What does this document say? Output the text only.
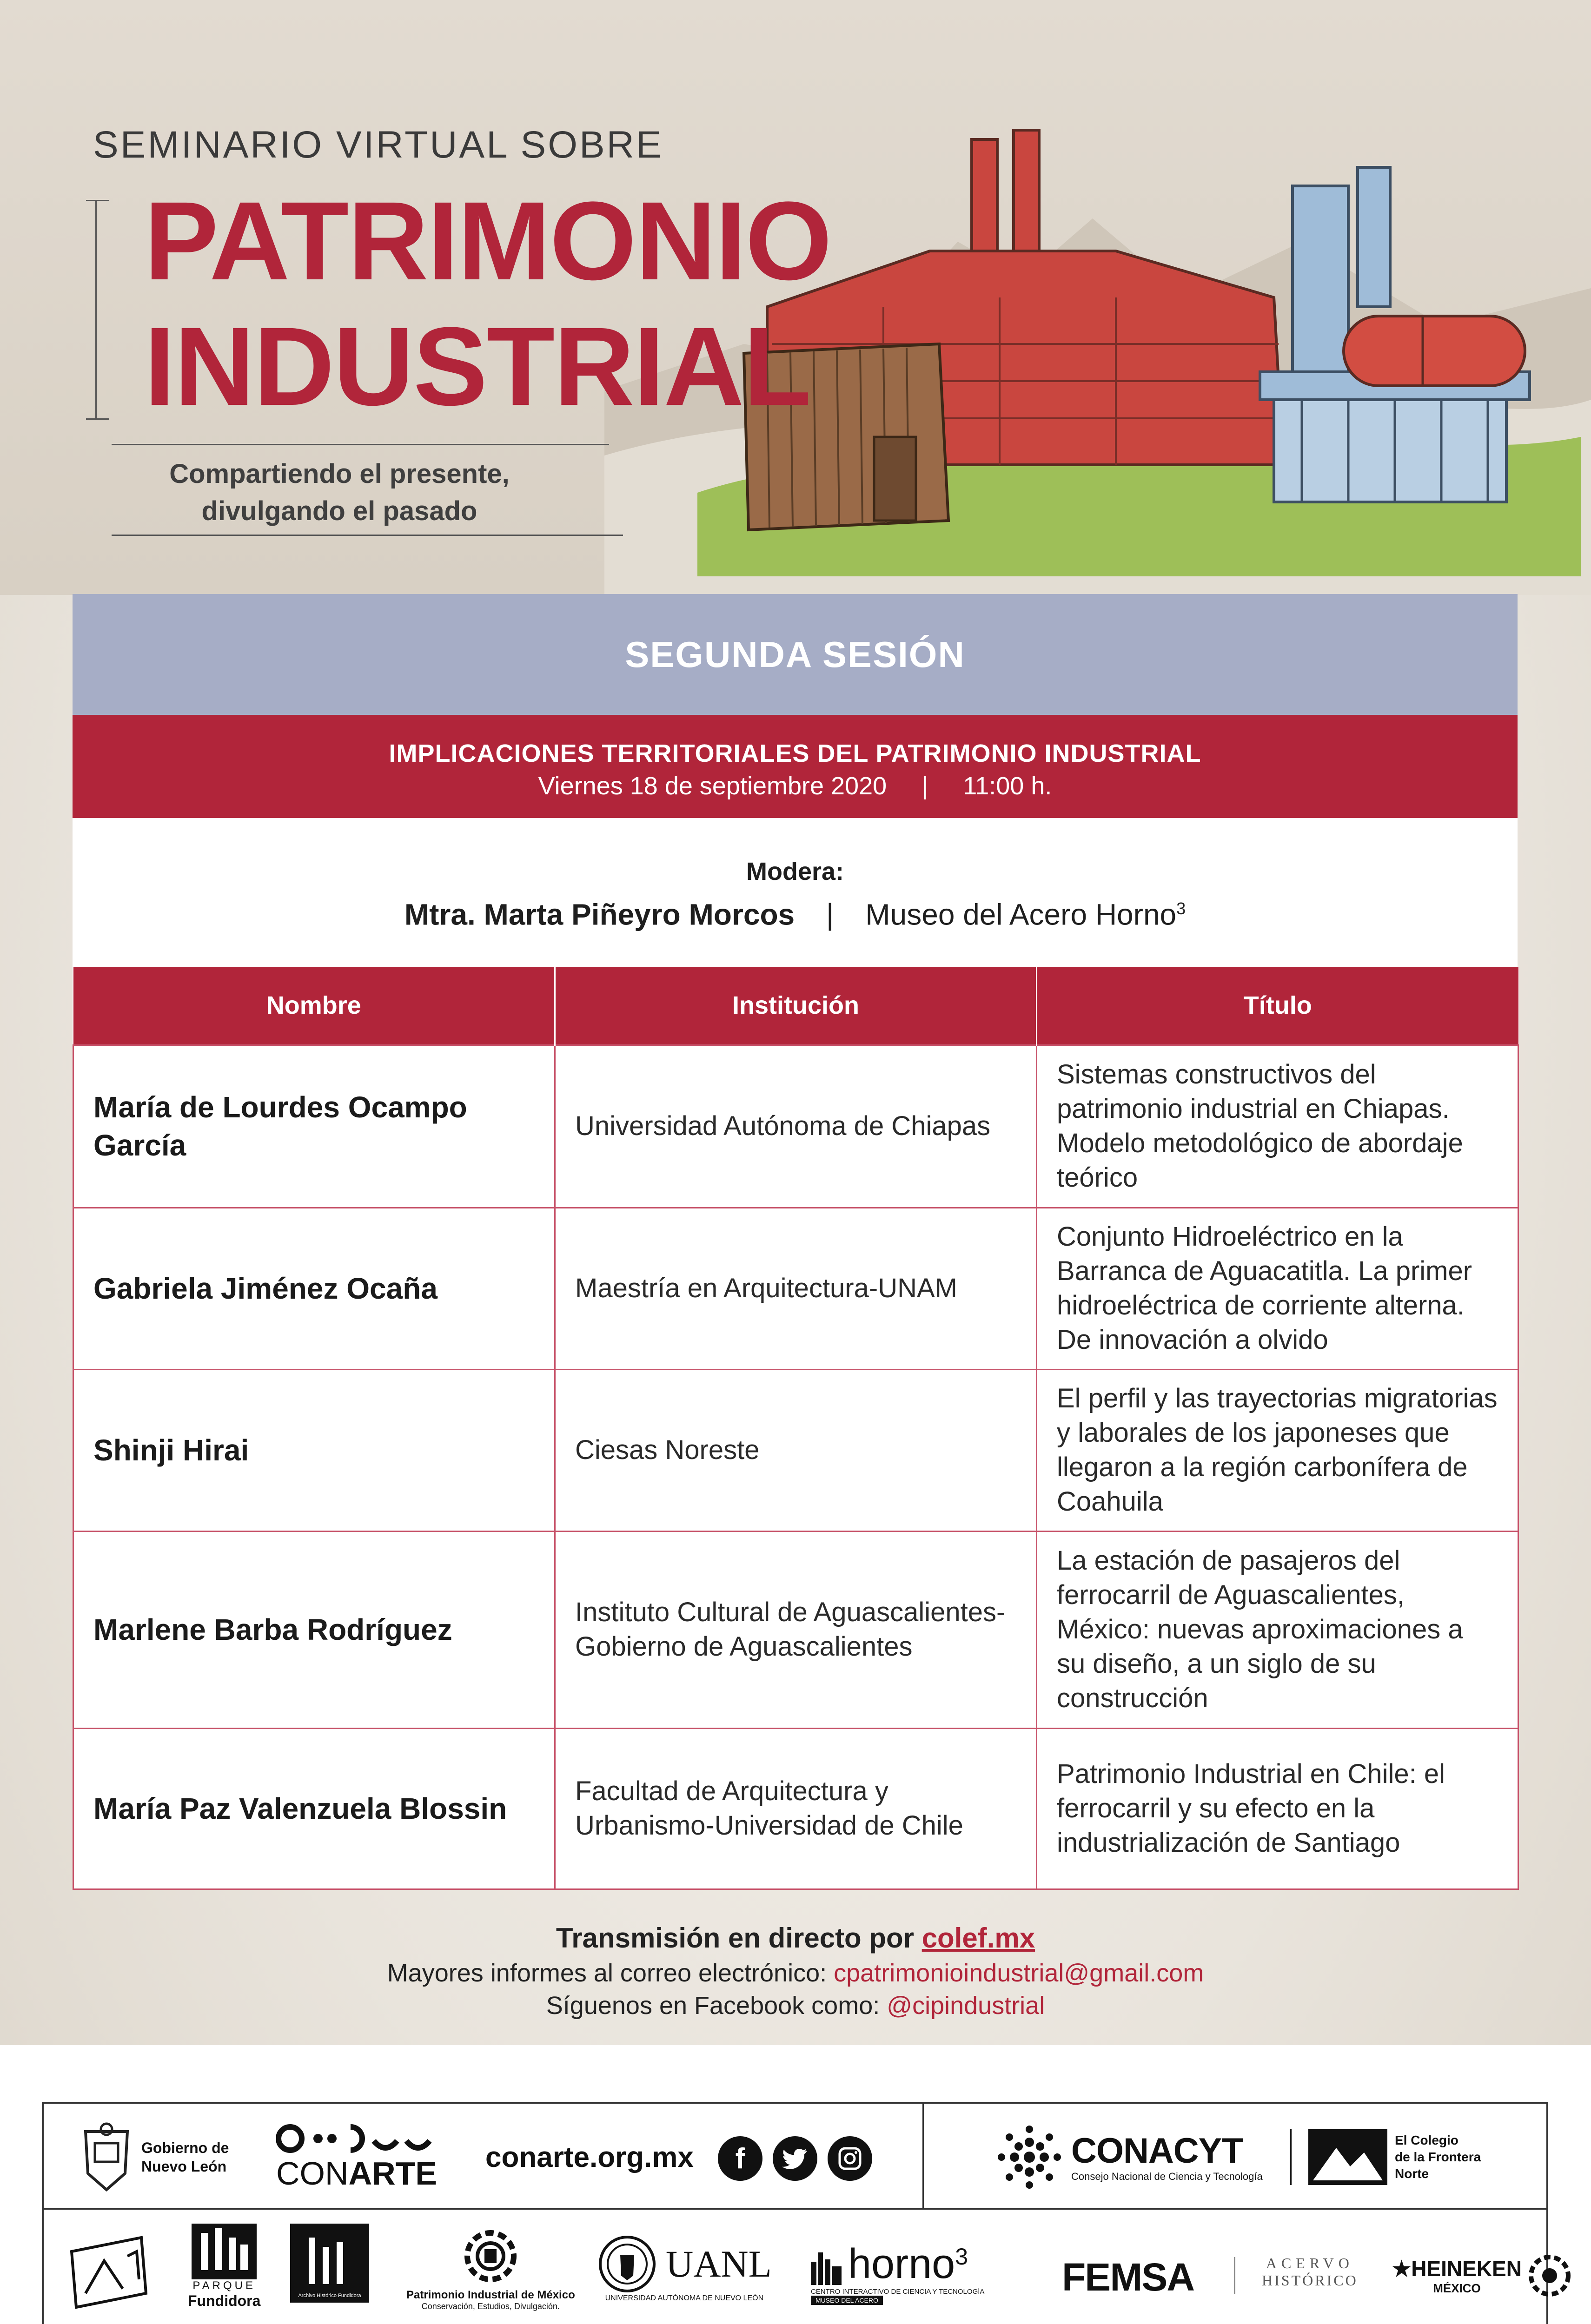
SEMINARIO VIRTUAL SOBRE
PATRIMONIO
INDUSTRIAL
Compartiendo el presente,
divulgando el pasado
SEGUNDA SESIÓN
IMPLICACIONES TERRITORIALES DEL PATRIMONIO INDUSTRIAL
Viernes 18 de septiembre 2020 | 11:00 h.
Modera:
Mtra. Marta Piñeyro Morcos | Museo del Acero Horno$^3$
Nombre	Institución	Título
María de Lourdes Ocampo García	Universidad Autónoma de Chiapas	Sistemas constructivos del patrimonio industrial en Chiapas. Modelo metodológico de abordaje teórico
Gabriela Jiménez Ocaña	Maestría en Arquitectura-UNAM	Conjunto Hidroeléctrico en la Barranca de Aguacatitla. La primer hidroeléctrica de corriente alterna. De innovación a olvido
Shinji Hirai	Ciesas Noreste	El perfil y las trayectorias migratorias y laborales de los japoneses que llegaron a la región carbonífera de Coahuila
Marlene Barba Rodríguez	Instituto Cultural de Aguascalientes-Gobierno de Aguascalientes	La estación de pasajeros del ferrocarril de Aguascalientes, México: nuevas aproximaciones a su diseño, a un siglo de su construcción
María Paz Valenzuela Blossin	Facultad de Arquitectura y Urbanismo-Universidad de Chile	Patrimonio Industrial en Chile: el ferrocarril y su efecto en la industrialización de Santiago
Transmisión en directo por colef.mx
Mayores informes al correo electrónico: cpatrimonioindustrial@gmail.com
Síguenos en Facebook como: @cipindustrial
Gobierno de
Nuevo León CONARTE conarte.org.mx	f	CONACYT
Consejo Nacional de Ciencia y Tecnología
El Colegio
de la Frontera
Norte
PARQUE
Fundidora	Archivo Histórico Fundidora	Patrimonio Industrial de México
Conservación, Estudios, Divulgación.
UANL
UNIVERSIDAD AUTÓNOMA DE NUEVO LEÓN
horno 3
CENTRO INTERACTIVO DE CIENCIA Y TECNOLOGÍA
MUSEO DEL ACERO
FEMSA	ACERVO
HISTÓRICO ★HEINEKEN
MÉXICO
